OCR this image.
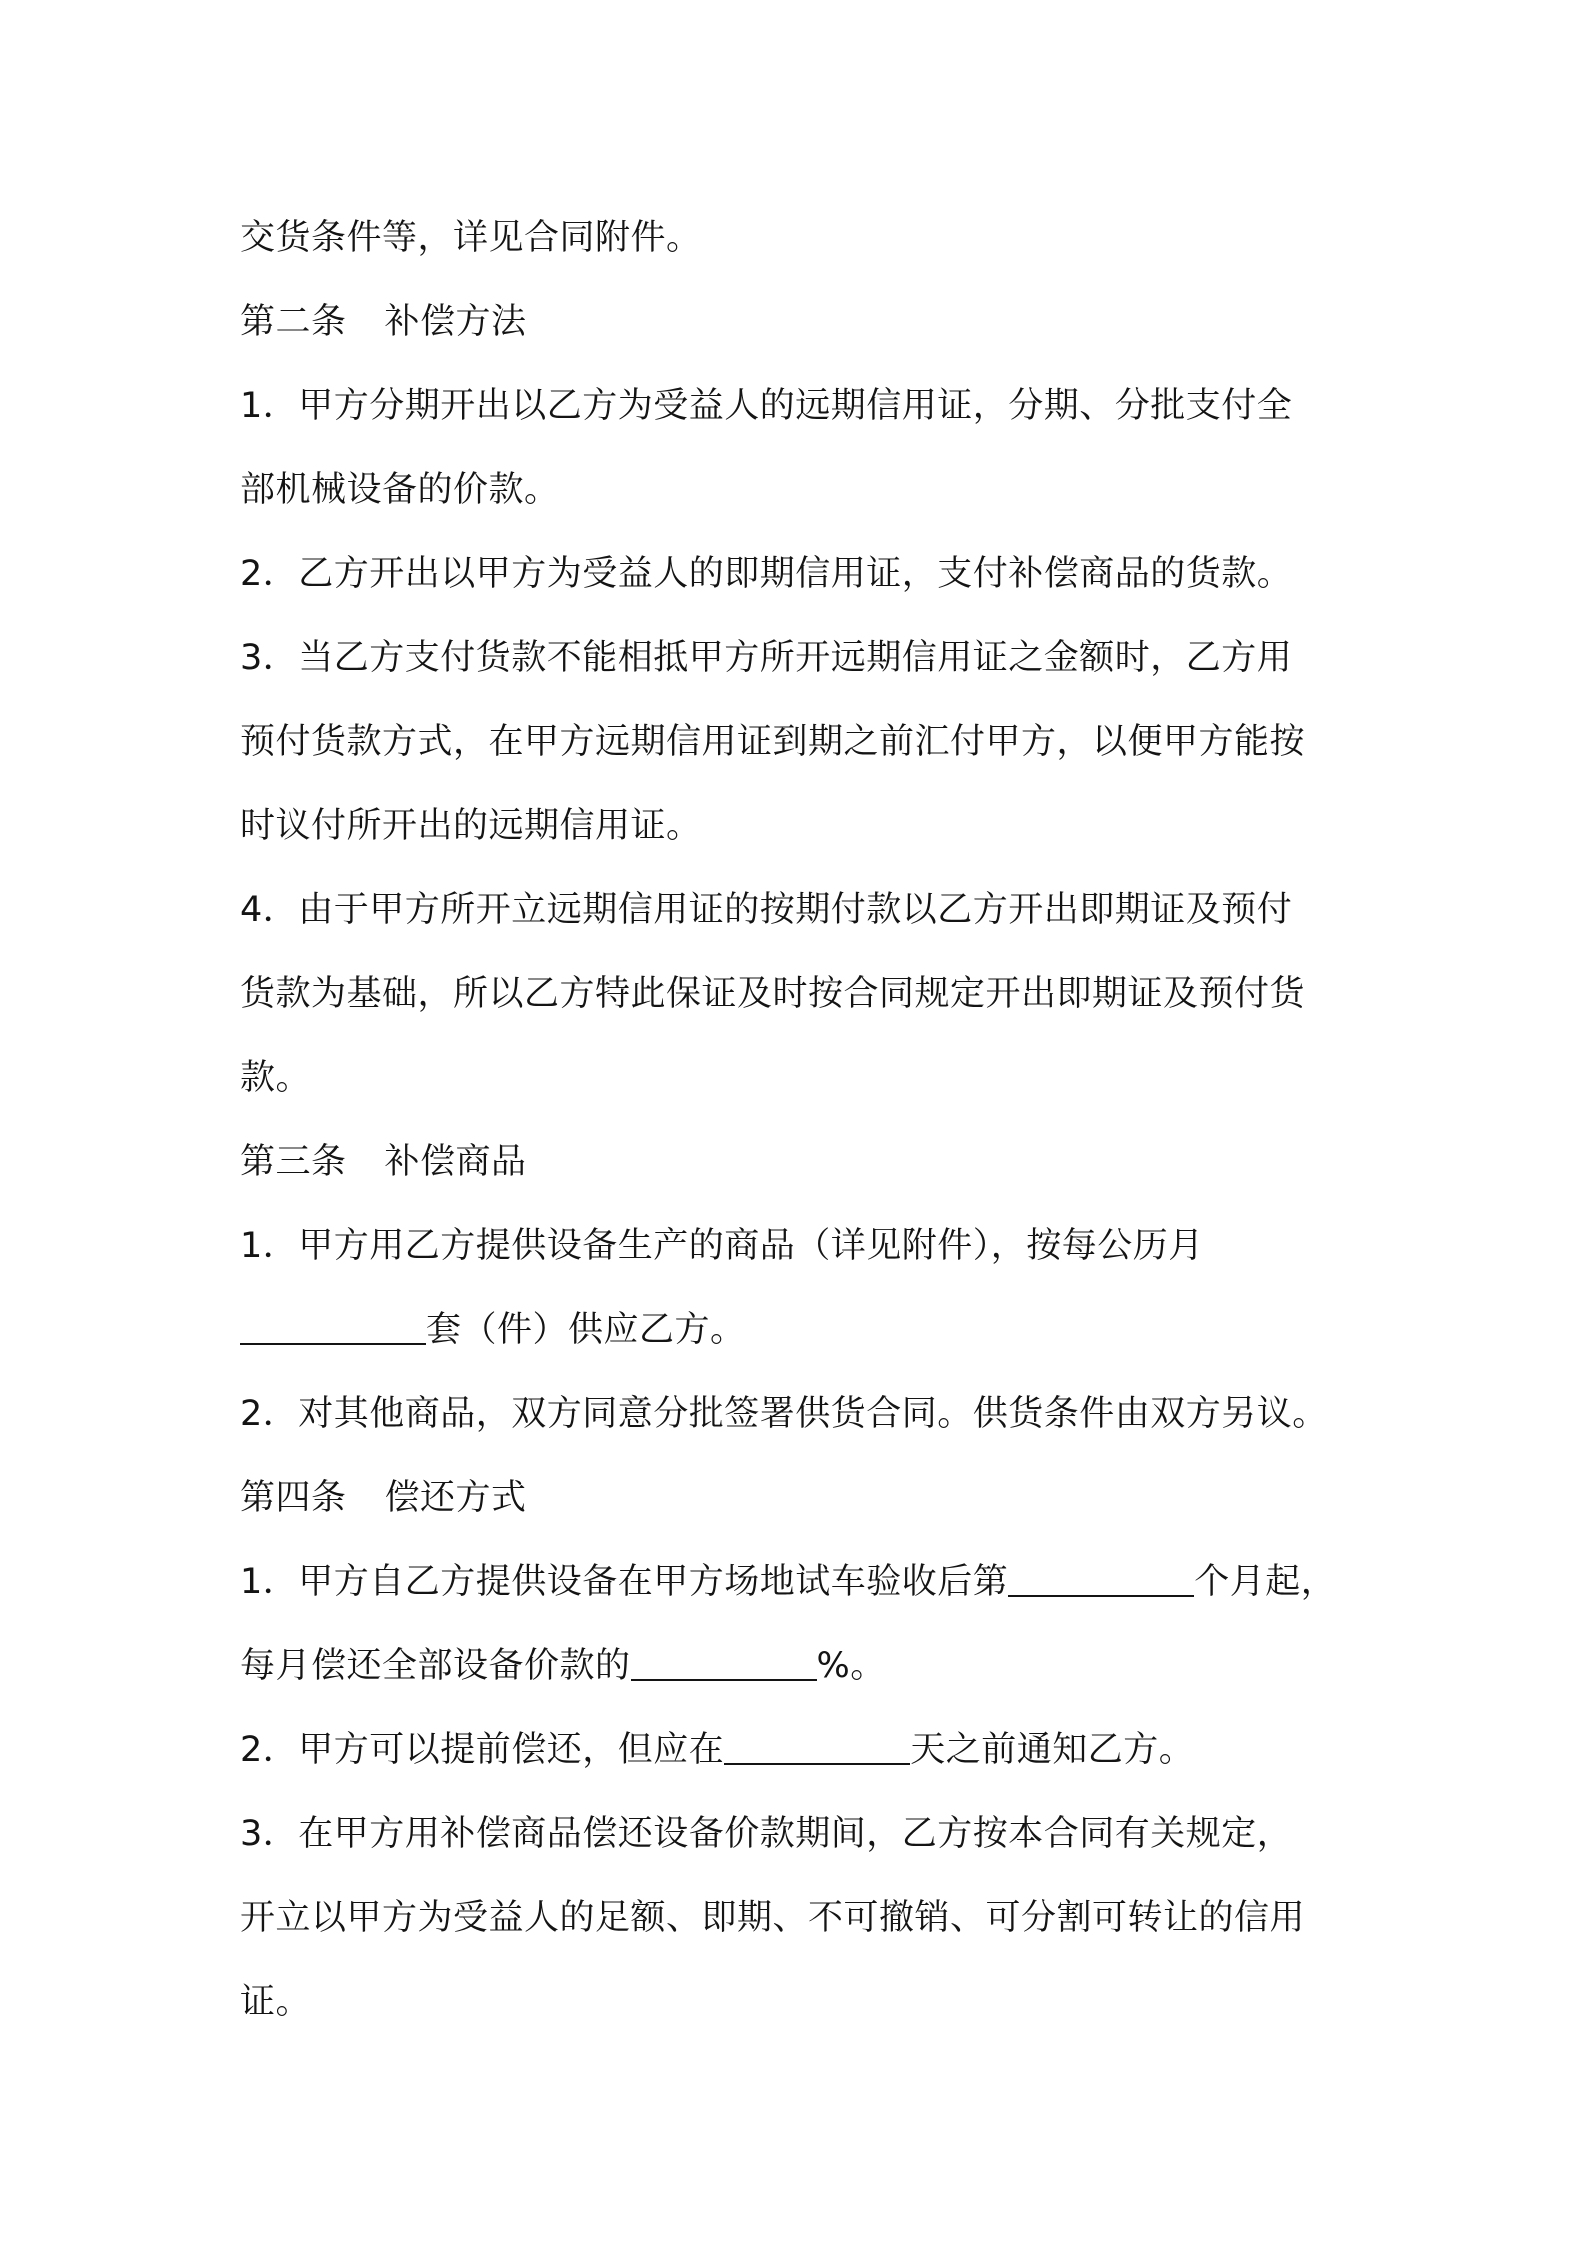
交货条件等，详见合同附件。
第二条 补偿方法
1．甲方分期开出以乙方为受益人的远期信用证，分期、分批支付全
部机械设备的价款。
2．乙方开出以甲方为受益人的即期信用证，支付补偿商品的货款。
3．当乙方支付货款不能相抵甲方所开远期信用证之金额时，乙方用
预付货款方式，在甲方远期信用证到期之前汇付甲方，以便甲方能按
时议付所开出的远期信用证。
4．由于甲方所开立远期信用证的按期付款以乙方开出即期证及预付
货款为基础，所以乙方特此保证及时按合同规定开出即期证及预付货
款。
第三条 补偿商品
1．甲方用乙方提供设备生产的商品（详见附件），按每公历月
套（件）供应乙方。
2．对其他商品，双方同意分批签署供货合同。供货条件由双方另议。
第四条 偿还方式
1．甲方自乙方提供设备在甲方场地试车验收后第	个月起，
每月偿还全部设备价款的	%。
2．甲方可以提前偿还，但应在	天之前通知乙方。
3．在甲方用补偿商品偿还设备价款期间，乙方按本合同有关规定，
开立以甲方为受益人的足额、即期、不可撤销、可分割可转让的信用
证。
